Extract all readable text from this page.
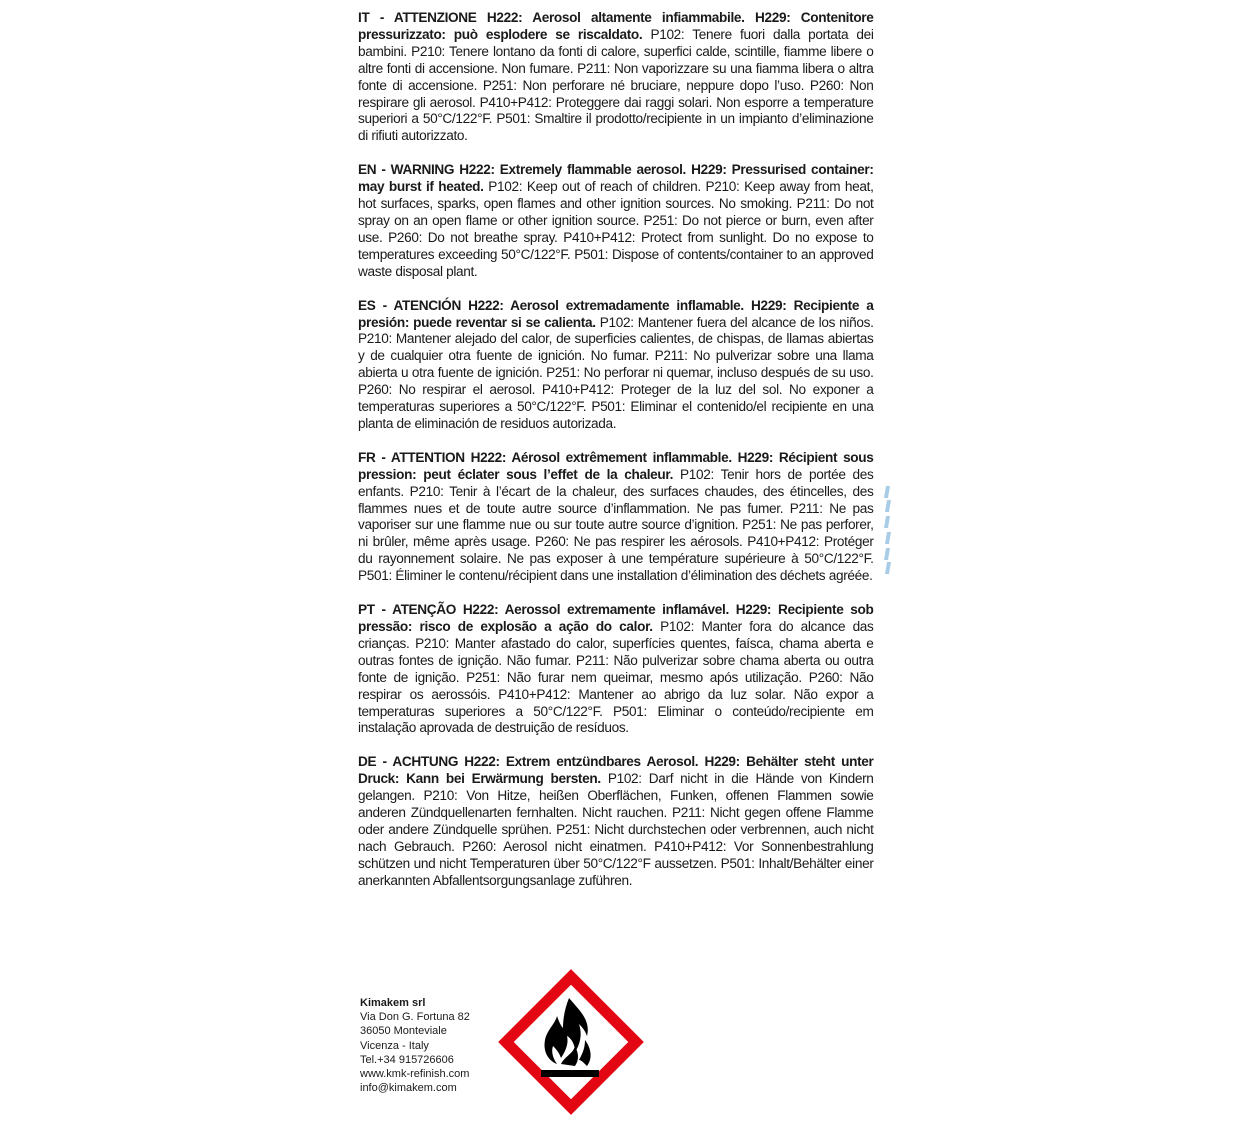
IT - ATTENZIONE H222: Aerosol altamente infiammabile. H229: Contenitore pressurizzato: può esplodere se riscaldato. P102: Tenere fuori dalla portata dei bambini. P210: Tenere lontano da fonti di calore, superfici calde, scintille, fiamme libere o altre fonti di accensione. Non fumare. P211: Non vaporizzare su una fiamma libera o altra fonte di accensione. P251: Non perforare né bruciare, neppure dopo l’uso. P260: Non respirare gli aerosol. P410+P412: Proteggere dai raggi solari. Non esporre a temperature superiori a 50°C/122°F. P501: Smaltire il prodotto/recipiente in un impianto d’eliminazione di rifiuti autorizzato.

EN - WARNING H222: Extremely flammable aerosol. H229: Pressurised container: may burst if heated. P102: Keep out of reach of children. P210: Keep away from heat, hot surfaces, sparks, open flames and other ignition sources. No smoking. P211: Do not spray on an open flame or other ignition source. P251: Do not pierce or burn, even after use. P260: Do not breathe spray. P410+P412: Protect from sunlight. Do no expose to temperatures exceeding 50°C/122°F. P501: Dispose of contents/container to an approved waste disposal plant.

ES - ATENCIÓN H222: Aerosol extremadamente inflamable. H229: Recipiente a presión: puede reventar si se calienta. P102: Mantener fuera del alcance de los niños. P210: Mantener alejado del calor, de superficies calientes, de chispas, de llamas abiertas y de cualquier otra fuente de ignición. No fumar. P211: No pulverizar sobre una llama abierta u otra fuente de ignición. P251: No perforar ni quemar, incluso después de su uso. P260: No respirar el aerosol. P410+P412: Proteger de la luz del sol. No exponer a temperaturas superiores a 50°C/122°F. P501: Eliminar el contenido/el recipiente en una planta de eliminación de residuos autorizada.

FR - ATTENTION H222: Aérosol extrêmement inflammable. H229: Récipient sous pression: peut éclater sous l’effet de la chaleur. P102: Tenir hors de portée des enfants. P210: Tenir à l’écart de la chaleur, des surfaces chaudes, des étincelles, des flammes nues et de toute autre source d’inflammation. Ne pas fumer. P211: Ne pas vaporiser sur une flamme nue ou sur toute autre source d’ignition. P251: Ne pas perforer, ni brûler, même après usage. P260: Ne pas respirer les aérosols. P410+P412: Protéger du rayonnement solaire. Ne pas exposer à une température supérieure à 50°C/122°F. P501: Éliminer le contenu/récipient dans une installation d’élimination des déchets agréée.

PT - ATENÇÃO H222: Aerossol extremamente inflamável. H229: Recipiente sob pressão: risco de explosão a ação do calor. P102: Manter fora do alcance das crianças. P210: Manter afastado do calor, superfícies quentes, faísca, chama aberta e outras fontes de ignição. Não fumar. P211: Não pulverizar sobre chama aberta ou outra fonte de ignição. P251: Não furar nem queimar, mesmo após utilização. P260: Não respirar os aerossóis. P410+P412: Mantener ao abrigo da luz solar. Não expor a temperaturas superiores a 50°C/122°F. P501: Eliminar o conteúdo/recipiente em instalação aprovada de destruição de resíduos.

DE - ACHTUNG H222: Extrem entzündbares Aerosol. H229: Behälter steht unter Druck: Kann bei Erwärmung bersten. P102: Darf nicht in die Hände von Kindern gelangen. P210: Von Hitze, heißen Oberflächen, Funken, offenen Flammen sowie anderen Zündquellenarten fernhalten. Nicht rauchen. P211: Nicht gegen offene Flamme oder andere Zündquelle sprühen. P251: Nicht durchstechen oder verbrennen, auch nicht nach Gebrauch. P260: Aerosol nicht einatmen. P410+P412: Vor Sonnenbestrahlung schützen und nicht Temperaturen über 50°C/122°F aussetzen. P501: Inhalt/Behälter einer anerkannten Abfallentsorgungsanlage zuführen.

Kimakem srl
Via Don G. Fortuna 82
36050 Monteviale
Vicenza - Italy
Tel.+34 915726606
www.kmk-refinish.com
info@kimakem.com
